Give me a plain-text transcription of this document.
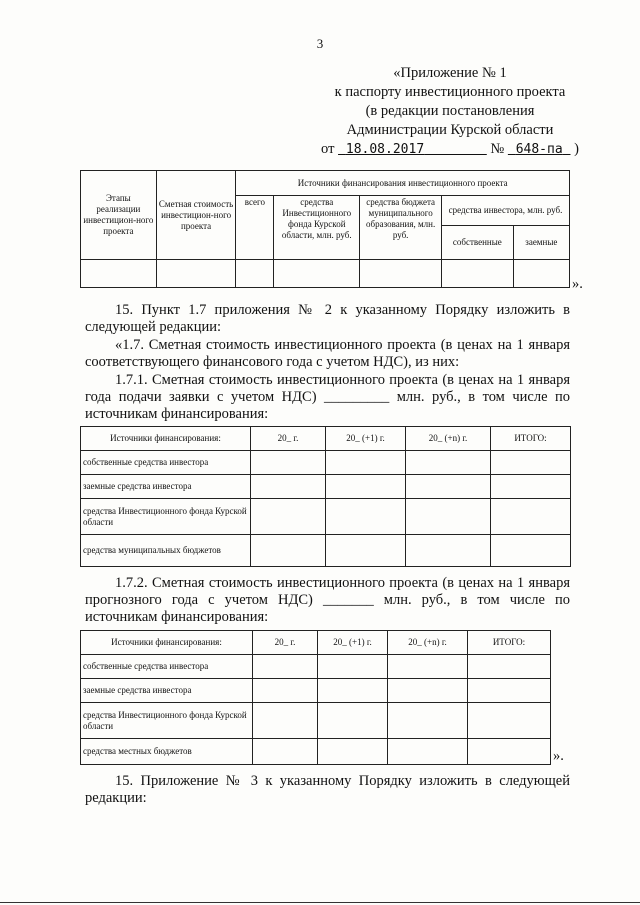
3
«Приложение № 1
к паспорту инвестиционного проекта
(в редакции постановления
Администрации Курской области
от 18.08.2017	№ 648-па )
Этапы реализации инвестицион-ного проекта	Сметная стоимость инвестицион-ного проекта	Источники финансирования инвестиционного проекта				
		всего	средства Инвестиционного фонда Курской области, млн. руб.	средства бюджета муниципального образования, млн. руб.	средства инвестора, млн. руб.	
					собственные	заемные

».
15. Пункт 1.7 приложения № 2 к указанному Порядку изложить в следующей редакции:
«1.7. Сметная стоимость инвестиционного проекта (в ценах на 1 января соответствующего финансового года с учетом НДС), из них:
1.7.1. Сметная стоимость инвестиционного проекта (в ценах на 1 января года подачи заявки с учетом НДС) _________ млн. руб., в том числе по источникам финансирования:
Источники финансирования:	20_ г.	20_ (+1) г.	20_ (+n) г.	ИТОГО:
собственные средства инвестора				
заемные средства инвестора				
средства Инвестиционного фонда Курской области				
средства муниципальных бюджетов				
1.7.2. Сметная стоимость инвестиционного проекта (в ценах на 1 января прогнозного года с учетом НДС) _______ млн. руб., в том числе по источникам финансирования:
Источники финансирования:	20_ г.	20_ (+1) г.	20_ (+n) г.	ИТОГО:
собственные средства инвестора				
заемные средства инвестора				
средства Инвестиционного фонда Курской области				
средства местных бюджетов					».
15. Приложение № 3 к указанному Порядку изложить в следующей редакции:
